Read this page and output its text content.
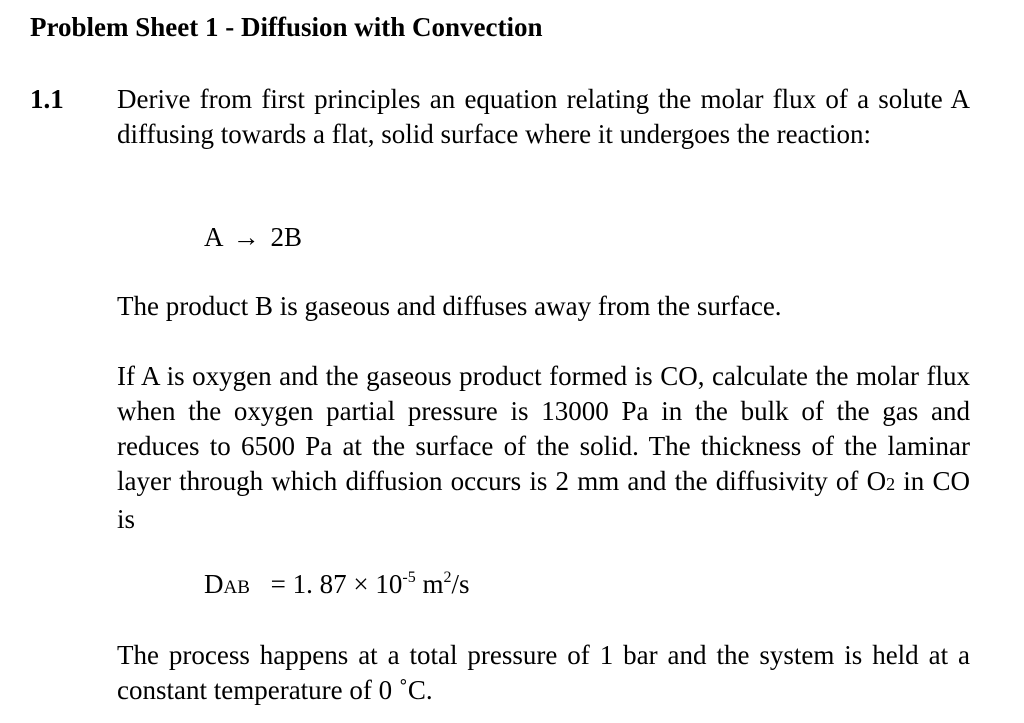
Problem Sheet 1 - Diffusion with Convection
1.1 Derive from first principles an equation relating the molar flux of a solute A diffusing towards a flat, solid surface where it undergoes the reaction:
A → 2B
The product B is gaseous and diffuses away from the surface.
If A is oxygen and the gaseous product formed is CO, calculate the molar flux when the oxygen partial pressure is 13000 Pa in the bulk of the gas and reduces to 6500 Pa at the surface of the solid. The thickness of the laminar layer through which diffusion occurs is 2 mm and the diffusivity of O2 in CO is
DAB = 1. $87 \times 10^{-5}$ $m^2/s$
The process happens at a total pressure of 1 bar and the system is held at a constant temperature of 0 ˚C.
